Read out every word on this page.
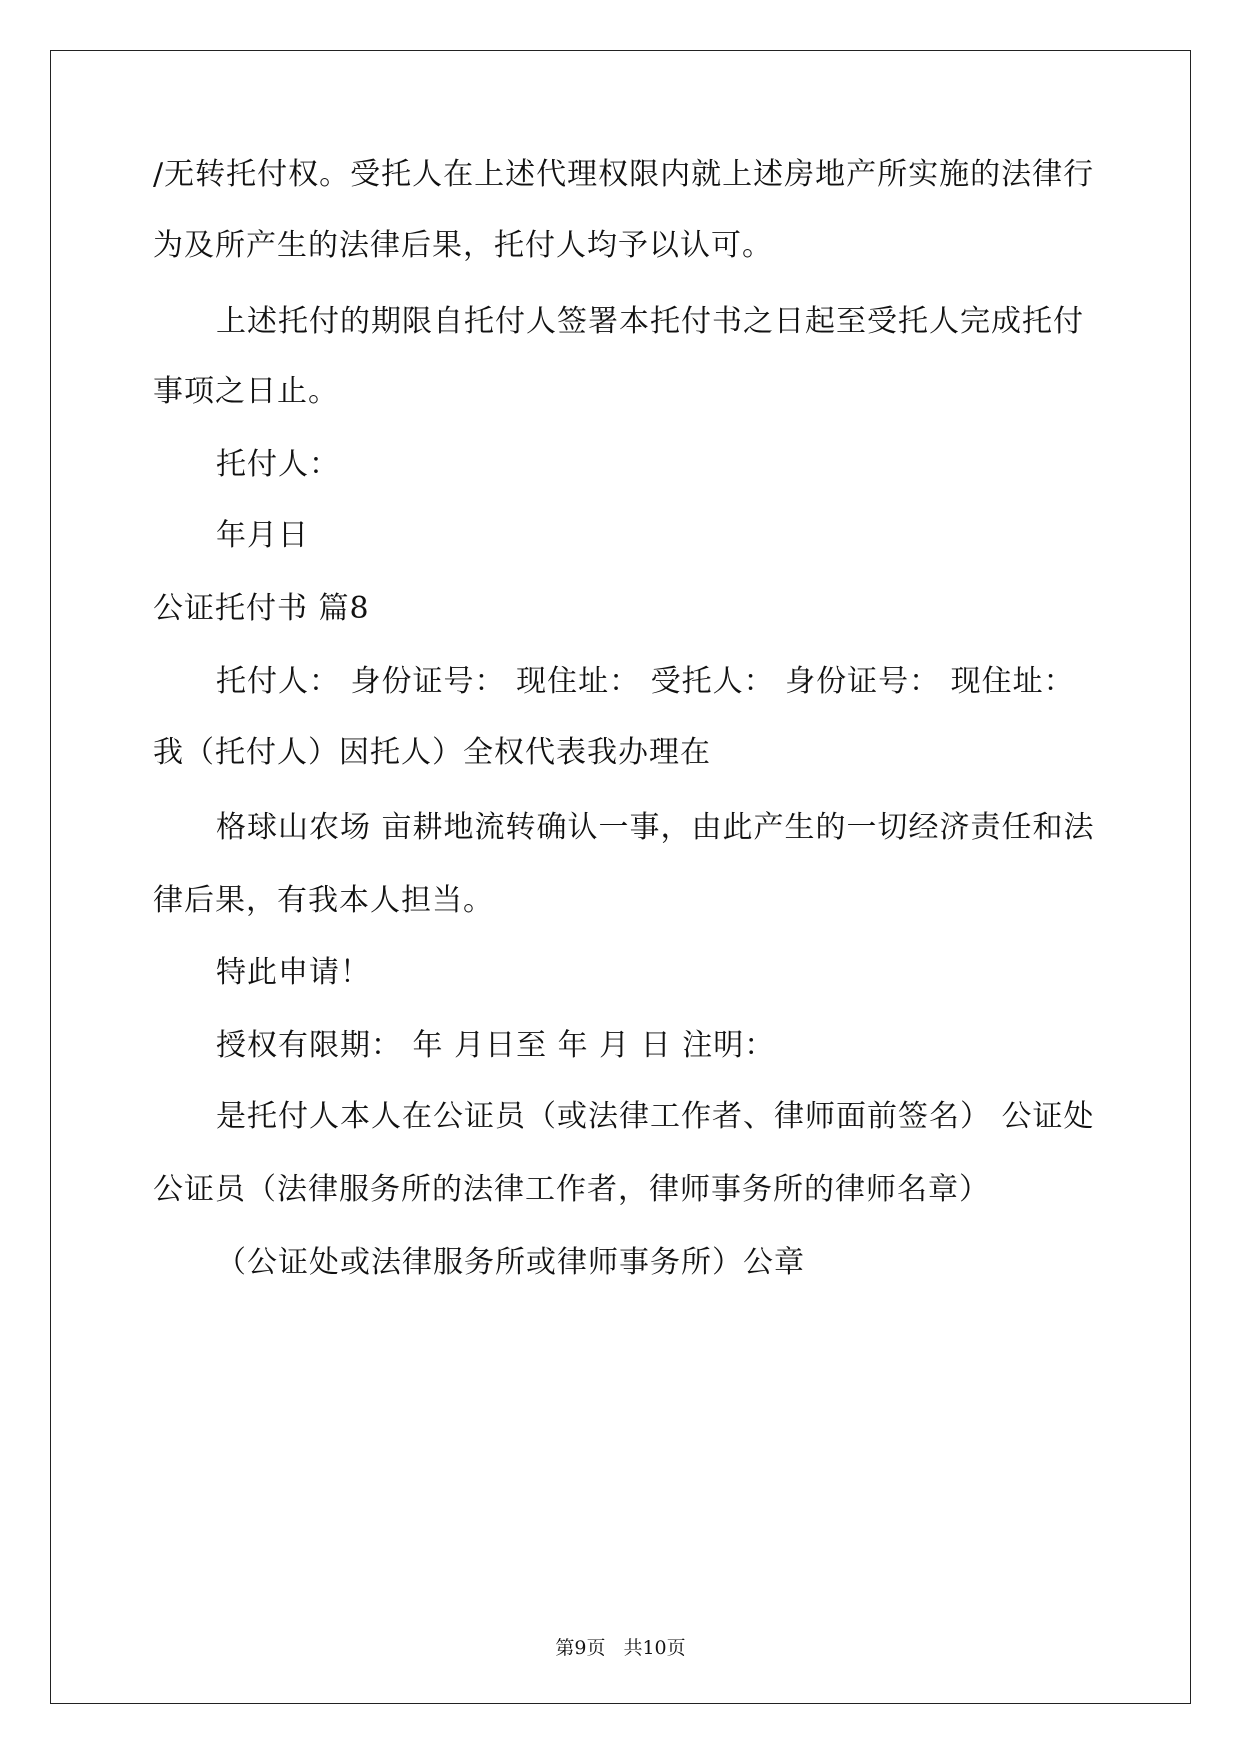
/无转托付权。受托人在上述代理权限内就上述房地产所实施的法律行
为及所产生的法律后果，托付人均予以认可。
上述托付的期限自托付人签署本托付书之日起至受托人完成托付
事项之日止。
托付人：
年月日
公证托付书 篇8
托付人： 身份证号： 现住址： 受托人： 身份证号： 现住址：
我（托付人）因托人）全权代表我办理在
格球山农场 亩耕地流转确认一事，由此产生的一切经济责任和法
律后果，有我本人担当。
特此申请！
授权有限期： 年 月日至 年 月 日 注明：
是托付人本人在公证员（或法律工作者、律师面前签名） 公证处
公证员（法律服务所的法律工作者，律师事务所的律师名章）
（公证处或法律服务所或律师事务所）公章
第9页 共10页
